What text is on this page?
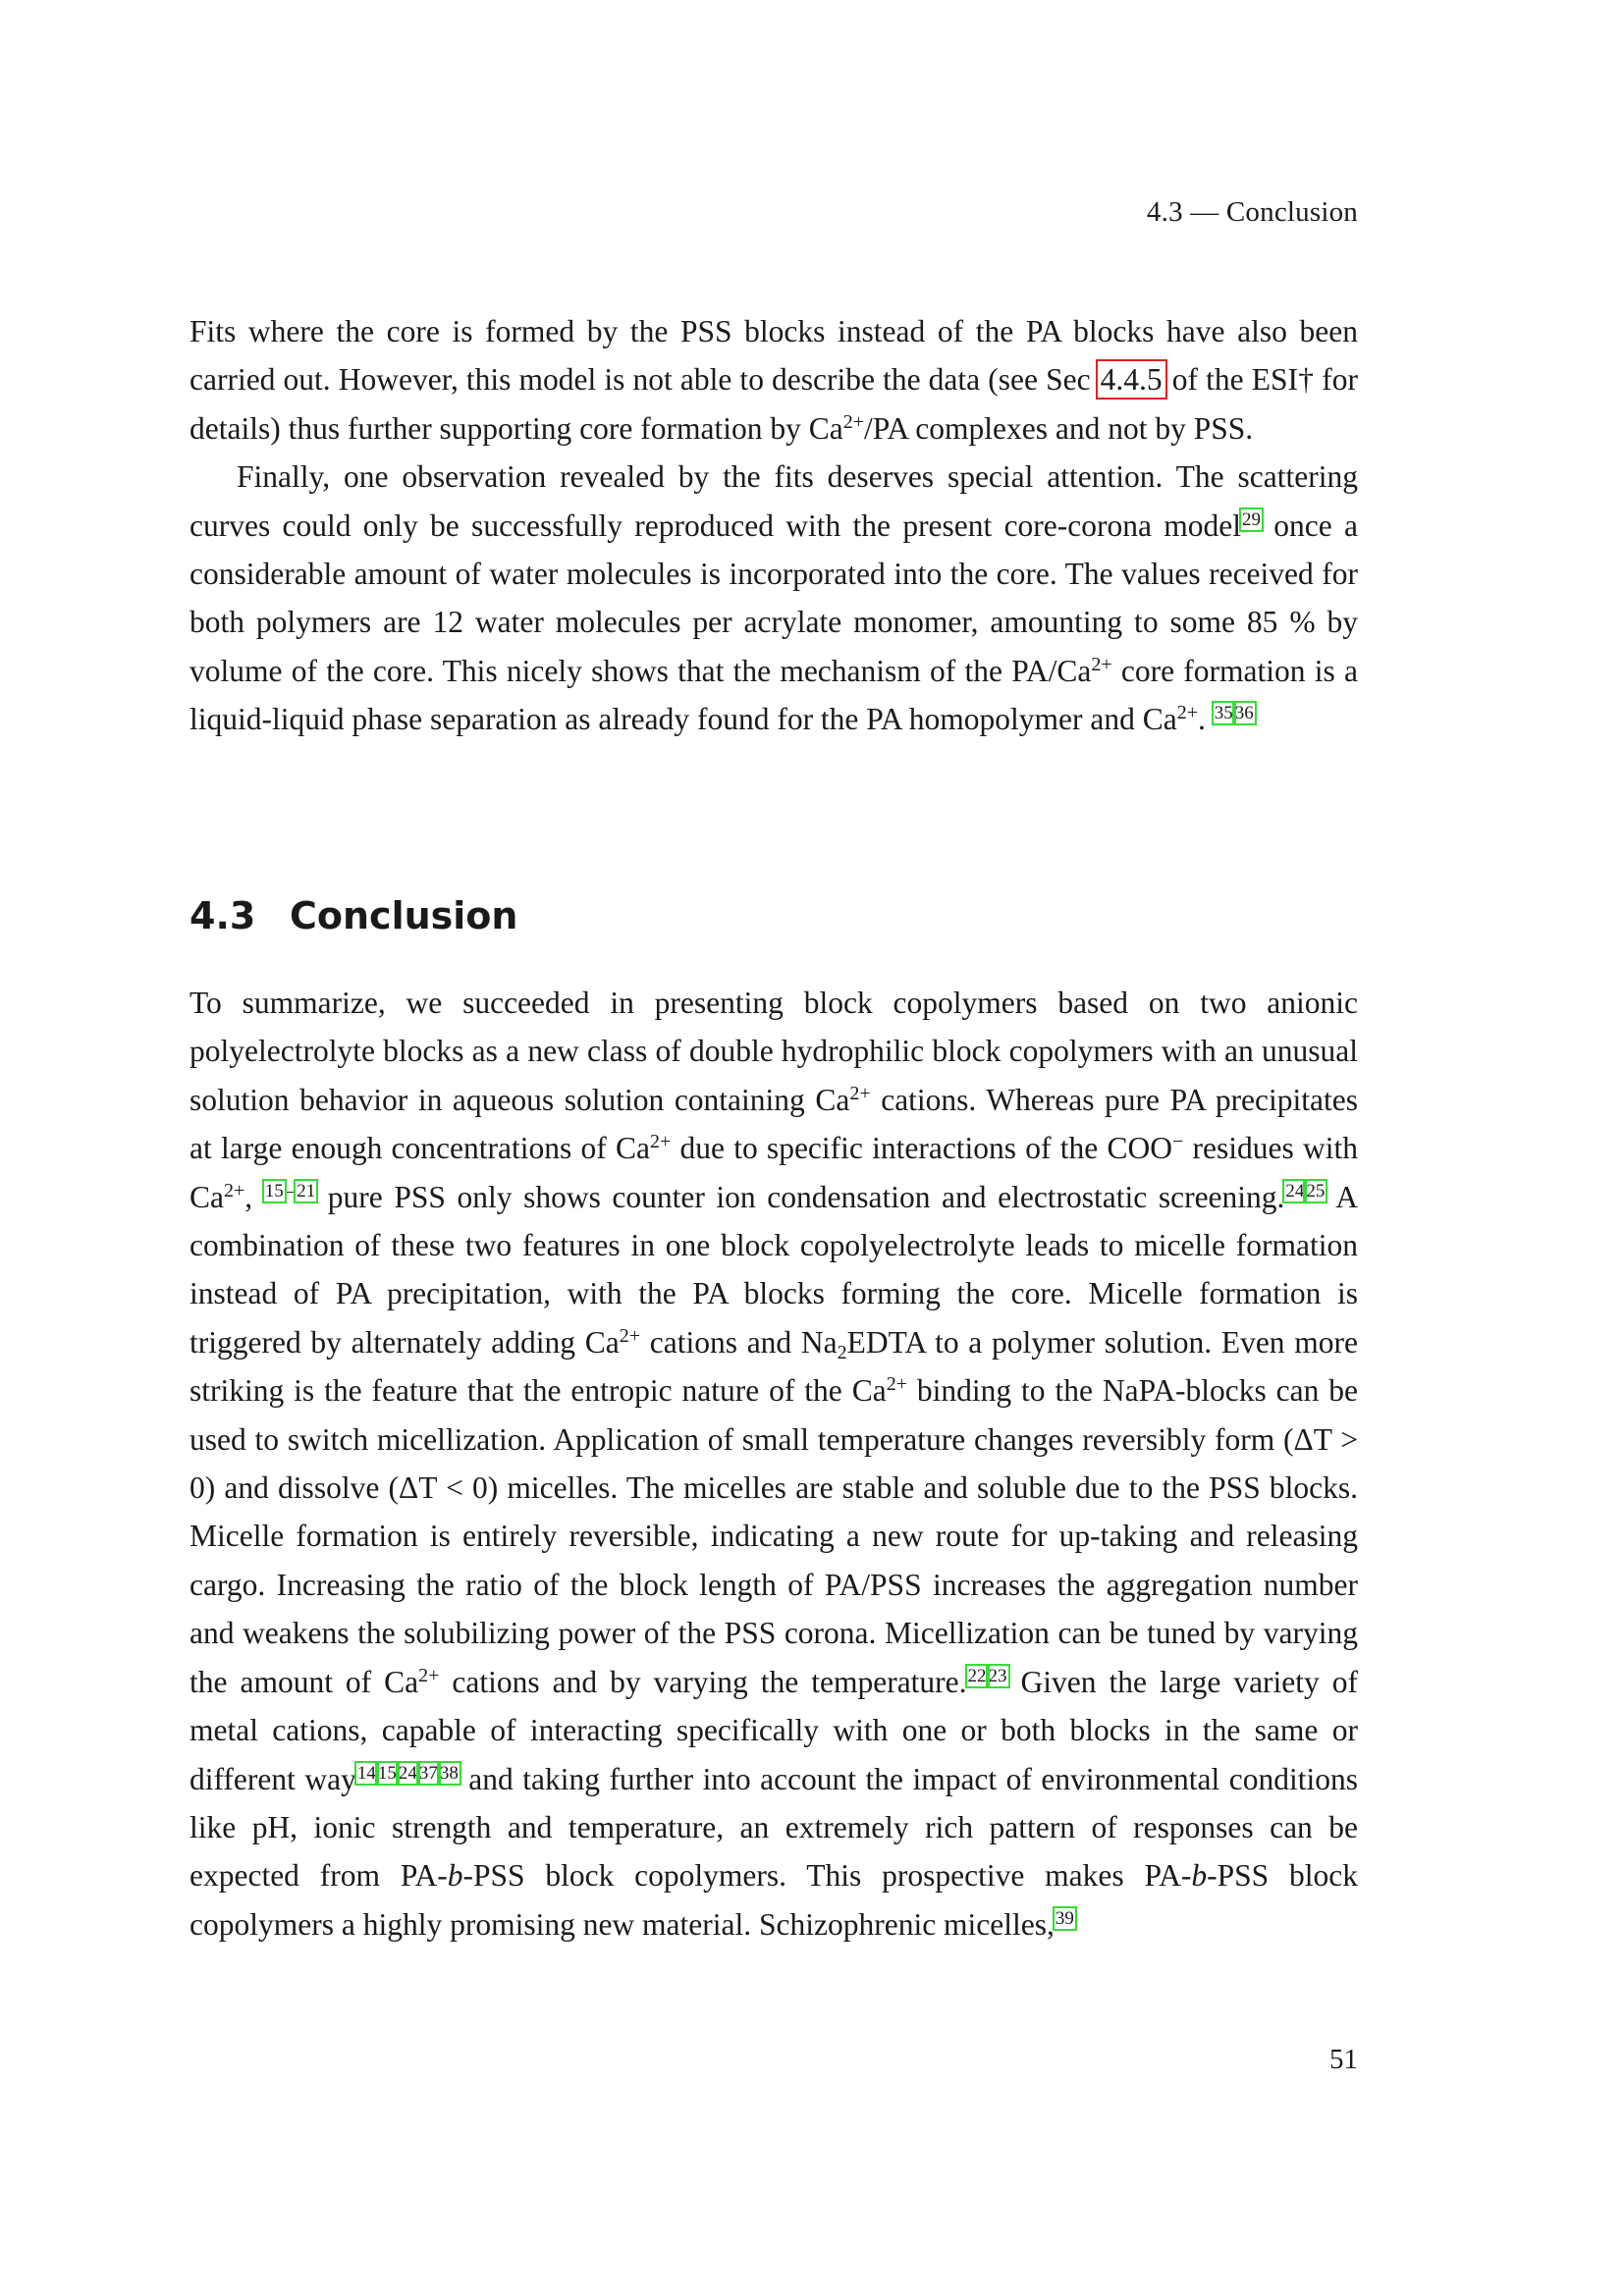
4.3 — Conclusion

Fits where the core is formed by the PSS blocks instead of the PA blocks have also been carried out. However, this model is not able to describe the data (see Sec 4.4.5 of the ESI† for details) thus further supporting core formation by $Ca^{2+}/PA$ complexes and not by PSS.

Finally, one observation revealed by the fits deserves special attention. The scattering curves could only be successfully reproduced with the present core-corona model$^{29}$ once a considerable amount of water molecules is incorporated into the core. The values received for both polymers are 12 water molecules per acrylate monomer, amounting to some 85 % by volume of the core. This nicely shows that the mechanism of the $PA/Ca^{2+}$ core formation is a liquid-liquid phase separation as already found for the PA homopolymer and $Ca^{2+}$. $^{35}$ $^{36}$

4.3 Conclusion

To summarize, we succeeded in presenting block copolymers based on two anionic polyelectrolyte blocks as a new class of double hydrophilic block copolymers with an unusual solution behavior in aqueous solution containing $Ca^{2+}$ cations. Whereas pure PA precipitates at large enough concentrations of $Ca^{2+}$ due to specific interactions of the COO− residues with $Ca^{2+}$, $^{15}$ – $^{21}$ pure PSS only shows counter ion condensation and electrostatic screening.$^{24}$ $^{25}$ A combination of these two features in one block copolyelectrolyte leads to micelle formation instead of PA precipitation, with the PA blocks forming the core. Micelle formation is triggered by alternately adding $Ca^{2+}$ cations and $Na_2EDTA$ to a polymer solution. Even more striking is the feature that the entropic nature of the $Ca^{2+}$ binding to the NaPA-blocks can be used to switch micellization. Application of small temperature changes reversibly form (ΔT > 0) and dissolve (ΔT < 0) micelles. The micelles are stable and soluble due to the PSS blocks. Micelle formation is entirely reversible, indicating a new route for up-taking and releasing cargo. Increasing the ratio of the block length of PA/PSS increases the aggregation number and weakens the solubilizing power of the PSS corona. Micellization can be tuned by varying the amount of $Ca^{2+}$ cations and by varying the temperature.$^{22}$ $^{23}$ Given the large variety of metal cations, capable of interacting specifically with one or both blocks in the same or different way$^{14}$ $^{15}$ $^{24}$ $^{37}$ $^{38}$ and taking further into account the impact of environmental conditions like pH, ionic strength and temperature, an extremely rich pattern of responses can be expected from PA-b-PSS block copolymers. This prospective makes PA-b-PSS block copolymers a highly promising new material. Schizophrenic micelles,$^{39}$

51
